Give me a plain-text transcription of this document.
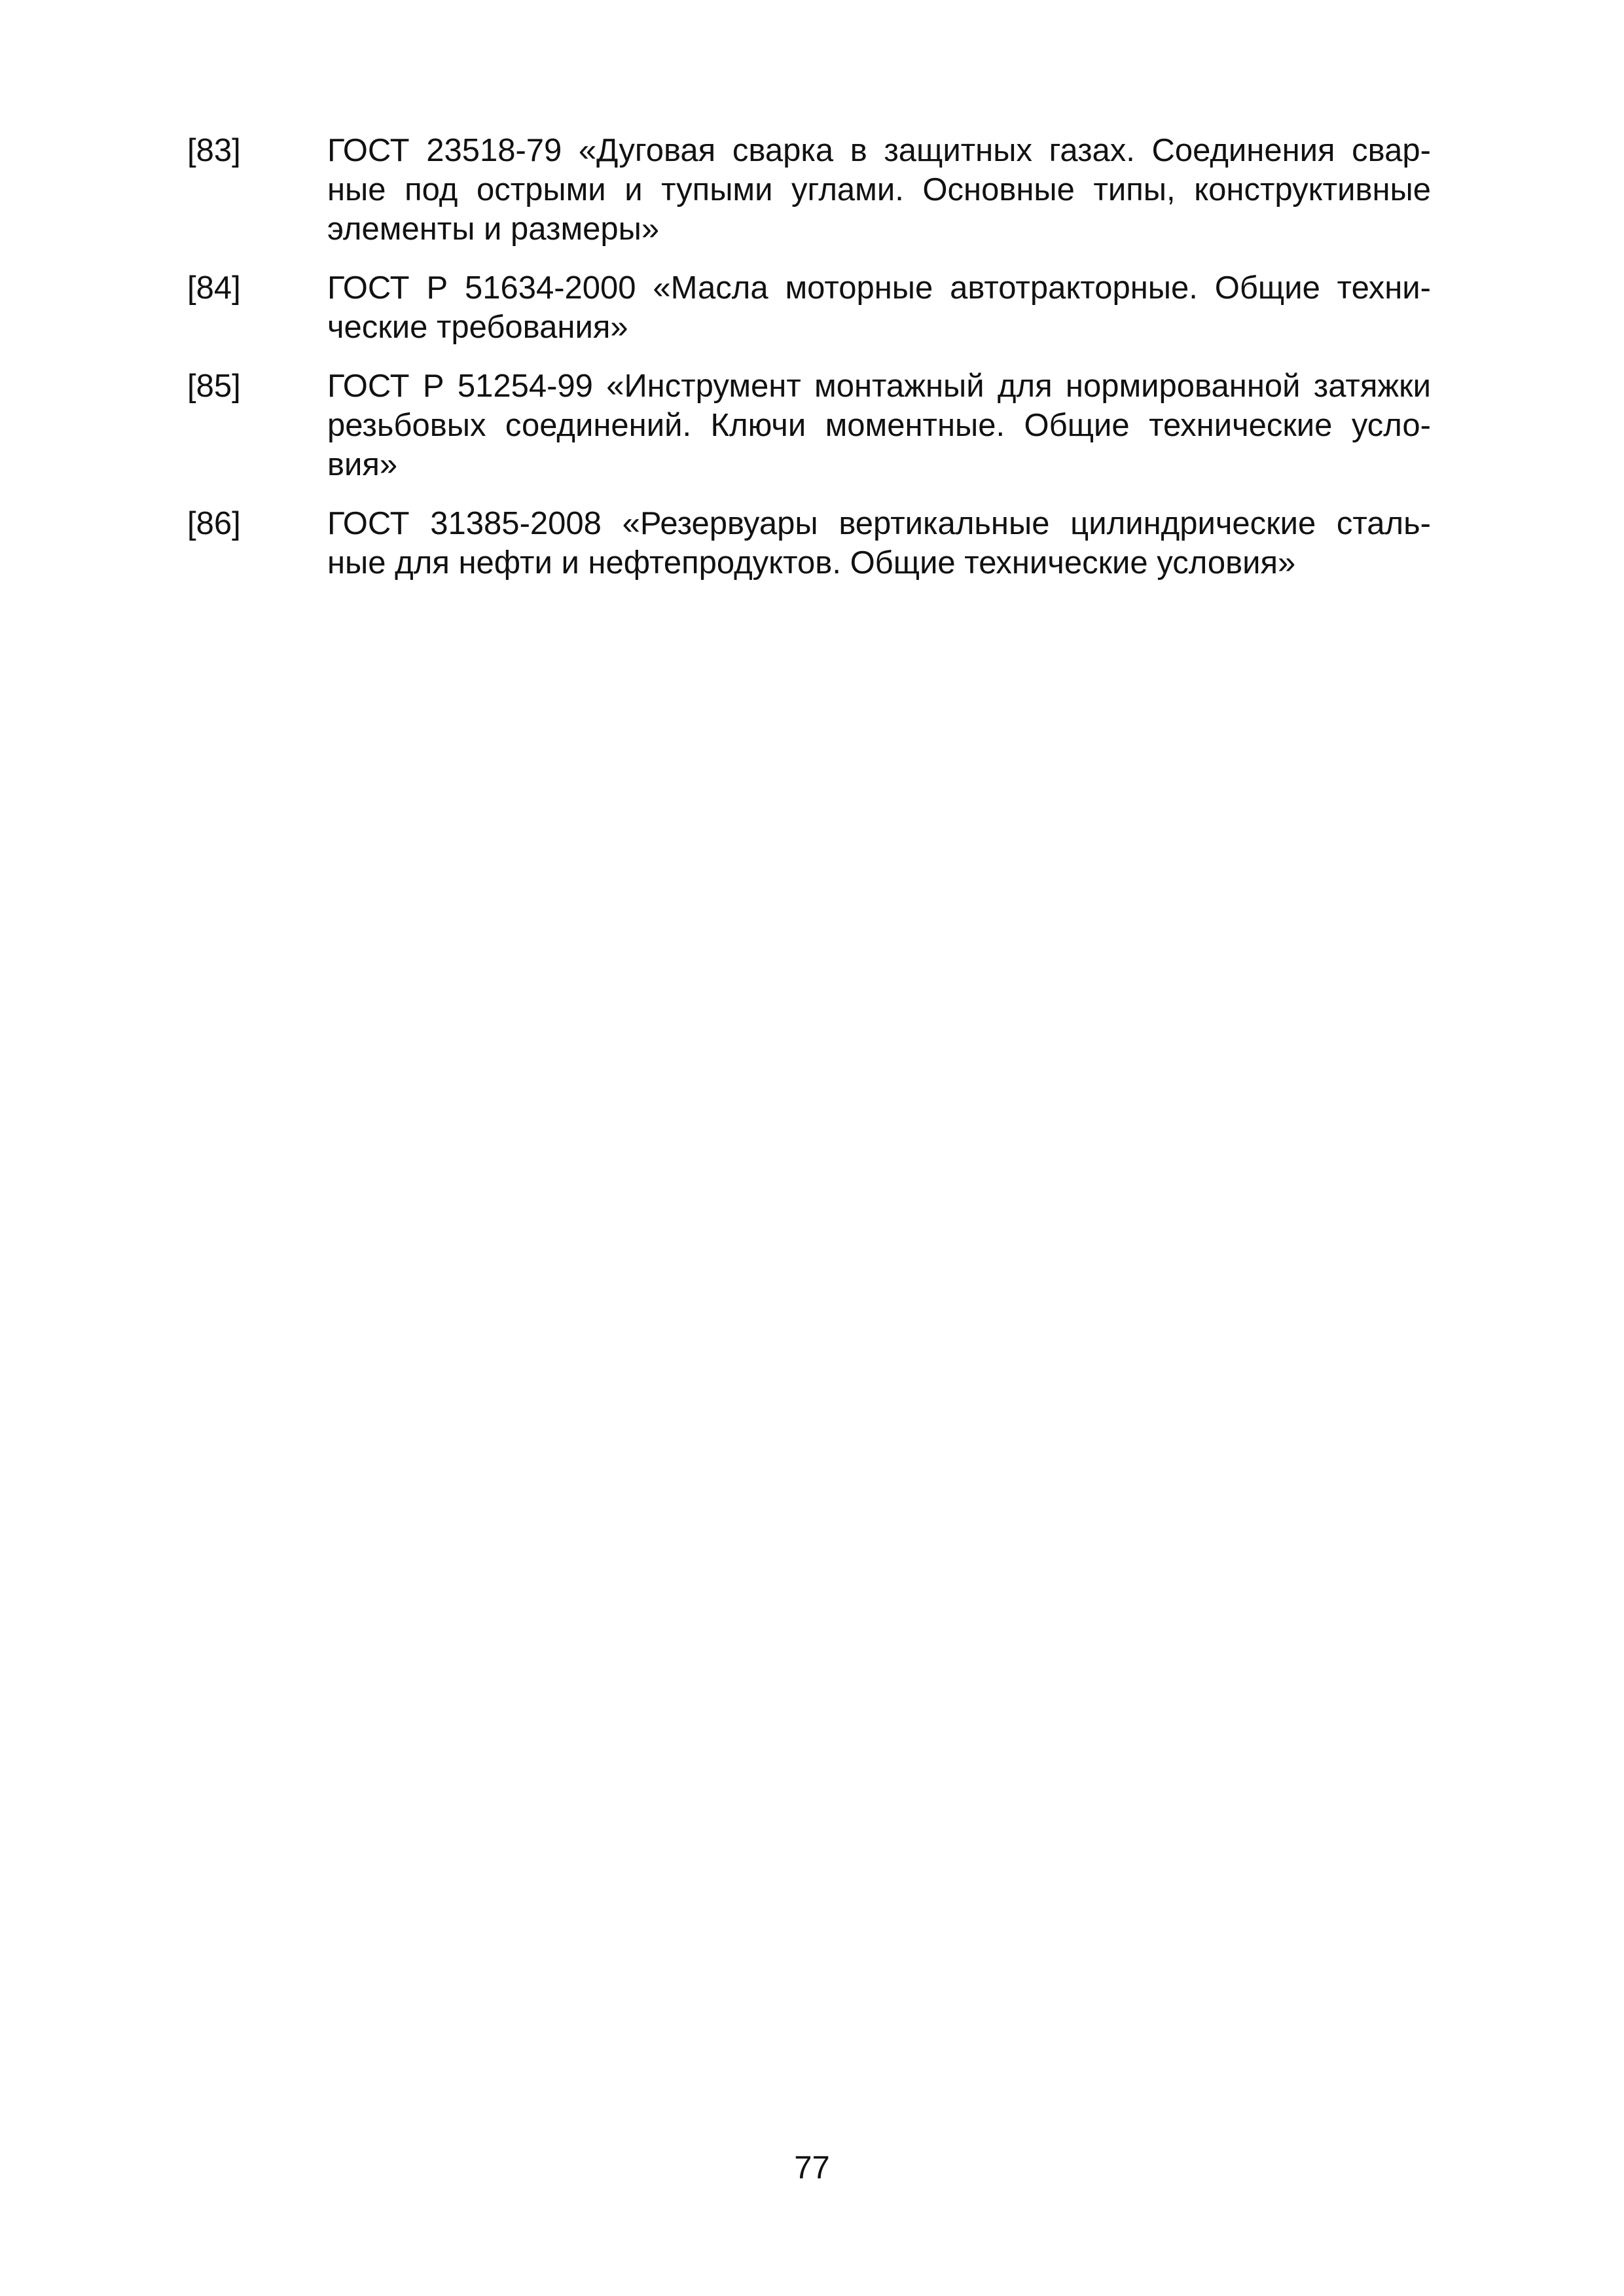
[83]	ГОСТ 23518-79 «Дуговая сварка в защитных газах. Соединения свар-
ные под острыми и тупыми углами. Основные типы, конструктивные
элементы и размеры»
[84]	ГОСТ Р 51634-2000 «Масла моторные автотракторные. Общие техни-
ческие требования»
[85]	ГОСТ Р 51254-99 «Инструмент монтажный для нормированной затяжки
резьбовых соединений. Ключи моментные. Общие технические усло-
вия»
[86]	ГОСТ 31385-2008 «Резервуары вертикальные цилиндрические сталь-
ные для нефти и нефтепродуктов. Общие технические условия»
77
